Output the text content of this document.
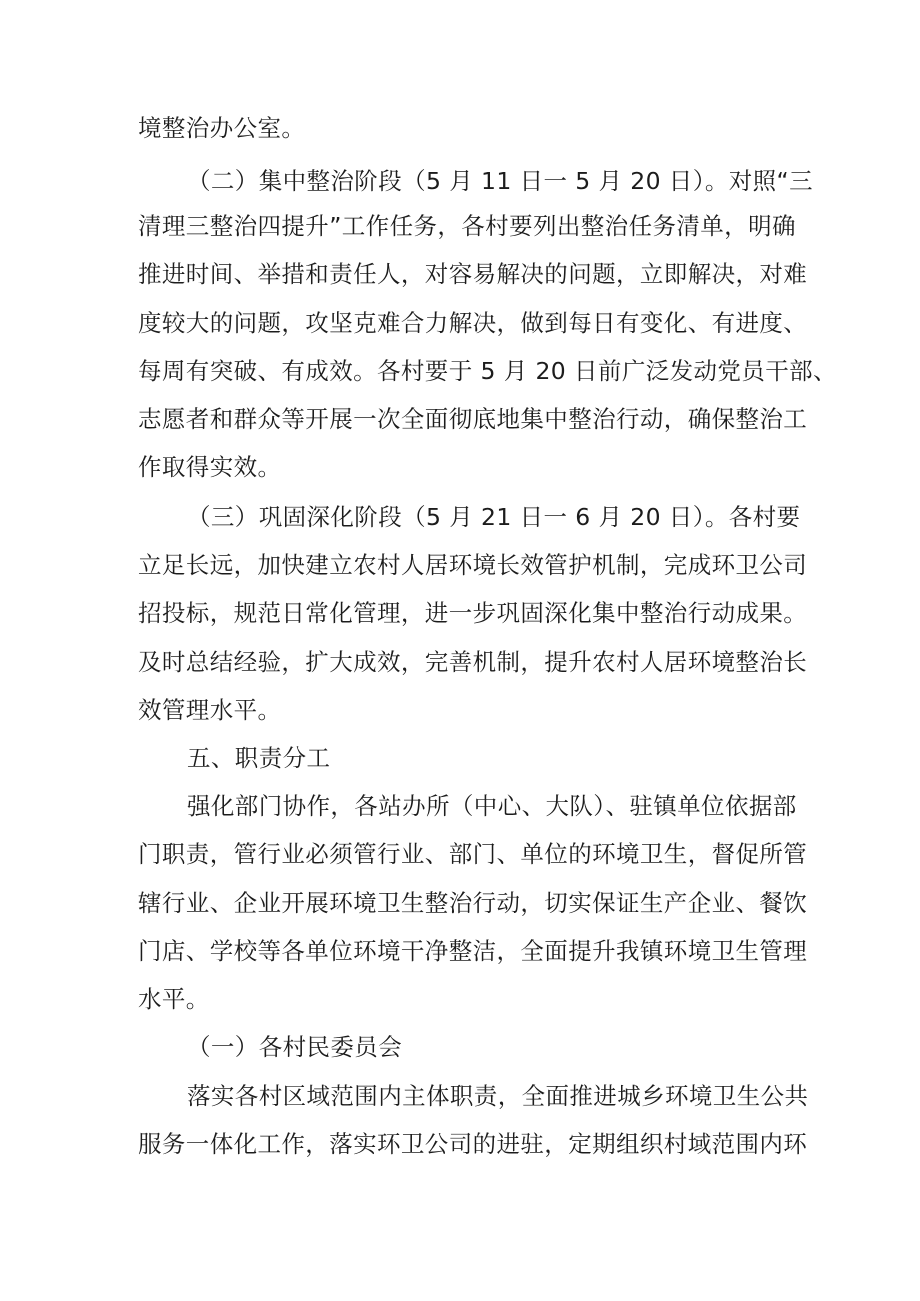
境整治办公室。
（二）集中整治阶段（5 月 11 日一 5 月 20 日）。对照“三
清理三整治四提升”工作任务，各村要列出整治任务清单，明确
推进时间、举措和责任人，对容易解决的问题，立即解决，对难
度较大的问题，攻坚克难合力解决，做到每日有变化、有进度、
每周有突破、有成效。各村要于 5 月 20 日前广泛发动党员干部、
志愿者和群众等开展一次全面彻底地集中整治行动，确保整治工
作取得实效。
（三）巩固深化阶段（5 月 21 日一 6 月 20 日）。各村要
立足长远，加快建立农村人居环境长效管护机制，完成环卫公司
招投标，规范日常化管理，进一步巩固深化集中整治行动成果。
及时总结经验，扩大成效，完善机制，提升农村人居环境整治长
效管理水平。
五、职责分工
强化部门协作，各站办所（中心、大队）、驻镇单位依据部
门职责，管行业必须管行业、部门、单位的环境卫生，督促所管
辖行业、企业开展环境卫生整治行动，切实保证生产企业、餐饮
门店、学校等各单位环境干净整洁，全面提升我镇环境卫生管理
水平。
（一）各村民委员会
落实各村区域范围内主体职责，全面推进城乡环境卫生公共
服务一体化工作，落实环卫公司的进驻，定期组织村域范围内环
